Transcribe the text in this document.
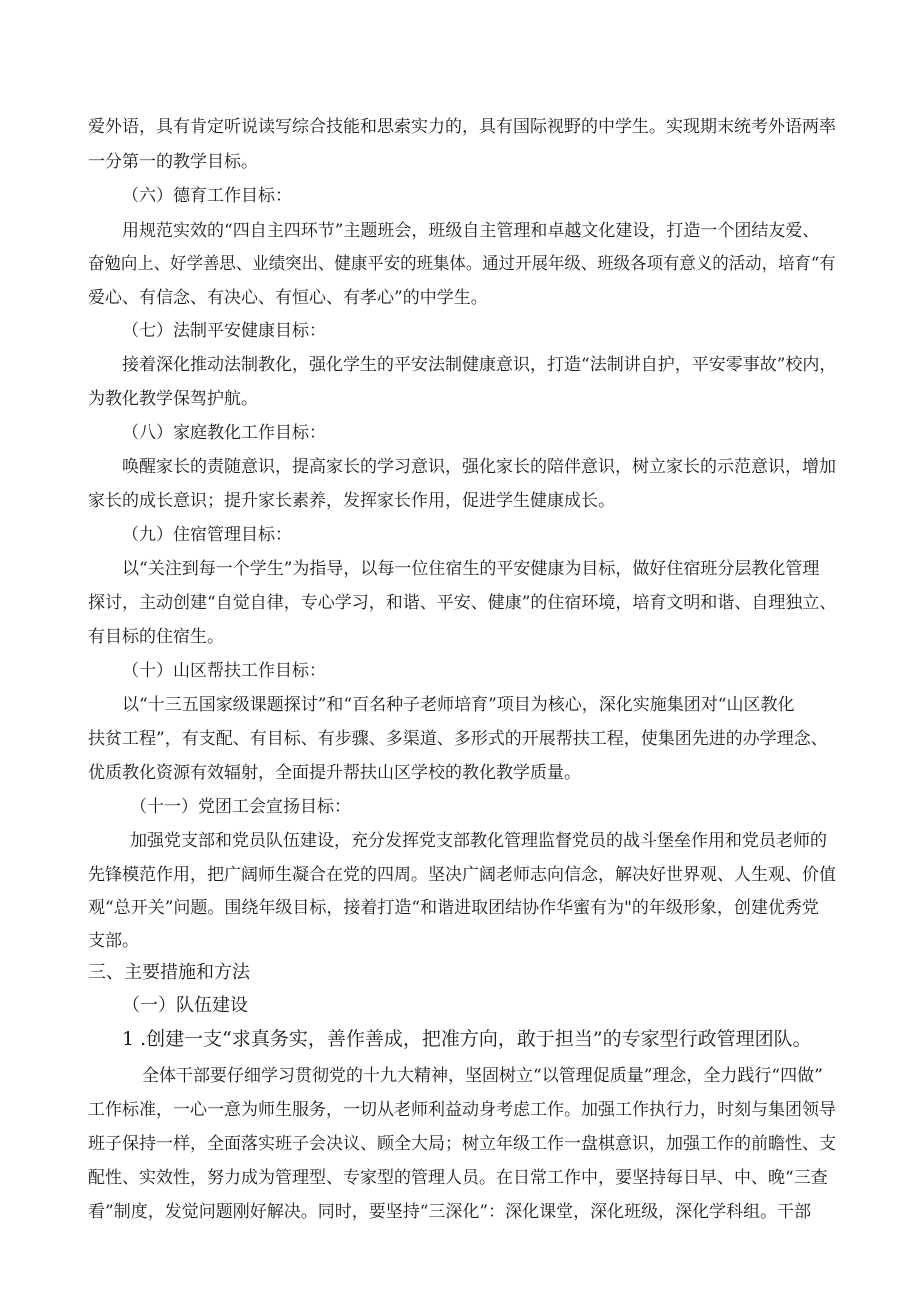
爱外语，具有肯定听说读写综合技能和思索实力的，具有国际视野的中学生。实现期末统考外语两率
一分第一的教学目标。
（六）德育工作目标：
用规范实效的“四自主四环节”主题班会，班级自主管理和卓越文化建设，打造一个团结友爱、
奋勉向上、好学善思、业绩突出、健康平安的班集体。通过开展年级、班级各项有意义的活动，培育“有
爱心、有信念、有决心、有恒心、有孝心”的中学生。
（七）法制平安健康目标：
接着深化推动法制教化，强化学生的平安法制健康意识，打造“法制讲自护，平安零事故”校内，
为教化教学保驾护航。
（八）家庭教化工作目标：
唤醒家长的责随意识，提高家长的学习意识，强化家长的陪伴意识，树立家长的示范意识，增加
家长的成长意识；提升家长素养，发挥家长作用，促进学生健康成长。
（九）住宿管理目标：
以“关注到每一个学生”为指导，以每一位住宿生的平安健康为目标，做好住宿班分层教化管理
探讨，主动创建“自觉自律，专心学习，和谐、平安、健康”的住宿环境，培育文明和谐、自理独立、
有目标的住宿生。
（十）山区帮扶工作目标：
以“十三五国家级课题探讨”和“百名种子老师培育”项目为核心，深化实施集团对“山区教化
扶贫工程”，有支配、有目标、有步骤、多渠道、多形式的开展帮扶工程，使集团先进的办学理念、
优质教化资源有效辐射，全面提升帮扶山区学校的教化教学质量。
（十一）党团工会宣扬目标：
加强党支部和党员队伍建设，充分发挥党支部教化管理监督党员的战斗堡垒作用和党员老师的
先锋模范作用，把广阔师生凝合在党的四周。坚决广阔老师志向信念，解决好世界观、人生观、价值
观“总开关”问题。围绕年级目标，接着打造“和谐进取团结协作华蜜有为"的年级形象，创建优秀党
支部。
三、主要措施和方法
（一）队伍建设
1 .创建一支“求真务实，善作善成，把准方向，敢于担当”的专家型行政管理团队。
全体干部要仔细学习贯彻党的十九大精神，坚固树立“以管理促质量”理念，全力践行“四做”
工作标准，一心一意为师生服务，一切从老师利益动身考虑工作。加强工作执行力，时刻与集团领导
班子保持一样，全面落实班子会决议、顾全大局；树立年级工作一盘棋意识，加强工作的前瞻性、支
配性、实效性，努力成为管理型、专家型的管理人员。在日常工作中，要坚持每日早、中、晚“三查
看”制度，发觉问题刚好解决。同时，要坚持“三深化”：深化课堂，深化班级，深化学科组。干部
